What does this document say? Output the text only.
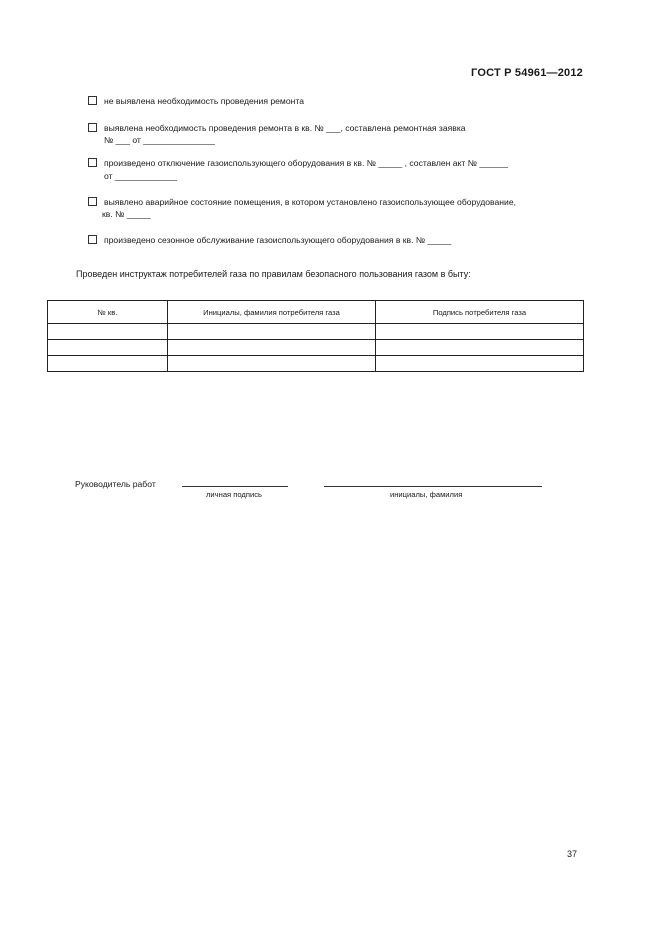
ГОСТ Р 54961—2012
не выявлена необходимость проведения ремонта
выявлена необходимость проведения ремонта в кв. № ___, составлена ремонтная заявка
№ ___ от _______________
произведено отключение газоиспользующего оборудования в кв. № _____ , составлен акт № ______
от _____________
выявлено аварийное состояние помещения, в котором установлено газоиспользующее оборудование,
кв. № _____
произведено сезонное обслуживание газоиспользующего оборудования в кв. № _____
Проведен инструктаж потребителей газа по правилам безопасного пользования газом в быту:
№ кв.	Инициалы, фамилия потребителя газа	Подпись потребителя газа

Руководитель работ
личная подпись	инициалы, фамилия
37
